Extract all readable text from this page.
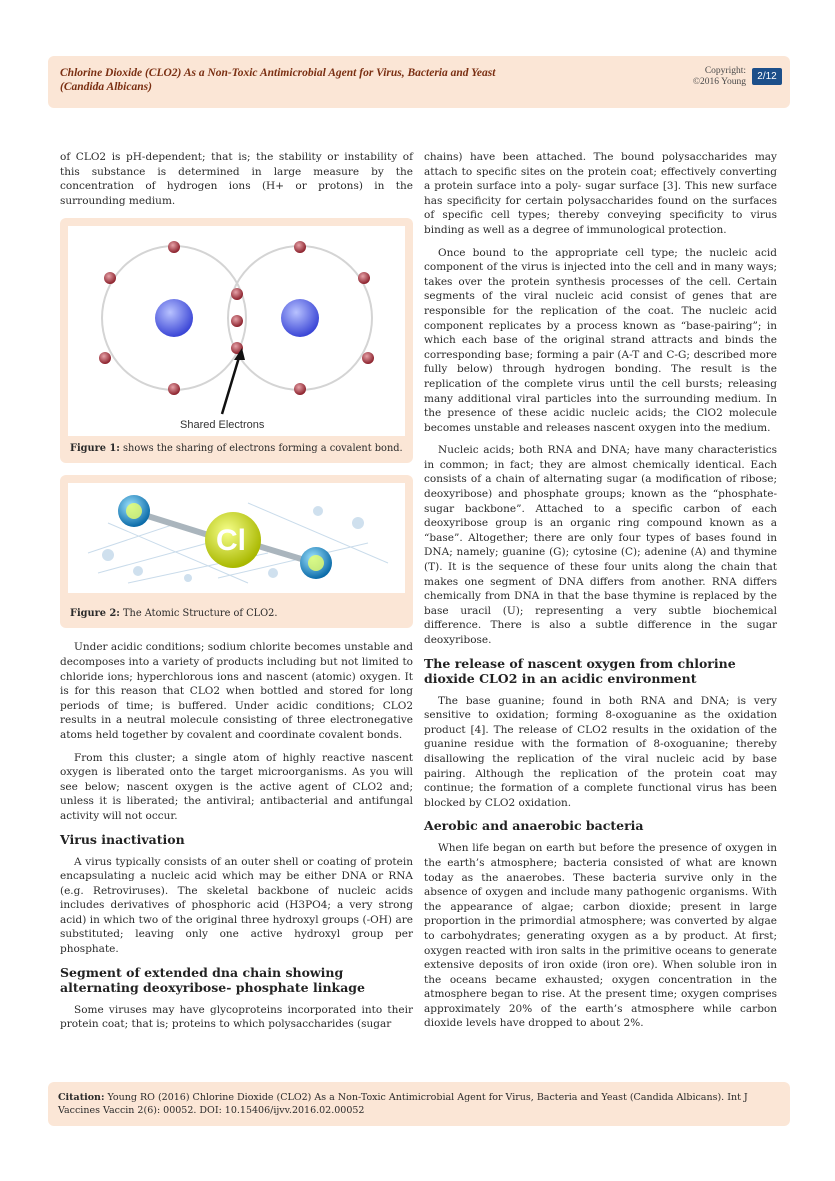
Chlorine Dioxide (CLO2) As a Non-Toxic Antimicrobial Agent for Virus, Bacteria and Yeast (Candida Albicans)
Copyright:
©2016 Young	2/12

of CLO2 is pH-dependent; that is; the stability or instability of this substance is determined in large measure by the concentration of hydrogen ions (H+ or protons) in the surrounding medium.

Shared Electrons
Figure 1: shows the sharing of electrons forming a covalent bond.
Cl
Figure 2: The Atomic Structure of CLO2.

Under acidic conditions; sodium chlorite becomes unstable and decomposes into a variety of products including but not limited to chloride ions; hyperchlorous ions and nascent (atomic) oxygen. It is for this reason that CLO2 when bottled and stored for long periods of time; is buffered. Under acidic conditions; CLO2 results in a neutral molecule consisting of three electronegative atoms held together by covalent and coordinate covalent bonds.

From this cluster; a single atom of highly reactive nascent oxygen is liberated onto the target microorganisms. As you will see below; nascent oxygen is the active agent of CLO2 and; unless it is liberated; the antiviral; antibacterial and antifungal activity will not occur.

Virus inactivation

A virus typically consists of an outer shell or coating of protein encapsulating a nucleic acid which may be either DNA or RNA (e.g. Retroviruses). The skeletal backbone of nucleic acids includes derivatives of phosphoric acid (H3PO4; a very strong acid) in which two of the original three hydroxyl groups (-OH) are substituted; leaving only one active hydroxyl group per phosphate.

Segment of extended dna chain showing alternating deoxyribose- phosphate linkage

Some viruses may have glycoproteins incorporated into their protein coat; that is; proteins to which polysaccharides (sugar

chains) have been attached. The bound polysaccharides may attach to specific sites on the protein coat; effectively converting a protein surface into a poly- sugar surface [3]. This new surface has specificity for certain polysaccharides found on the surfaces of specific cell types; thereby conveying specificity to virus binding as well as a degree of immunological protection.

Once bound to the appropriate cell type; the nucleic acid component of the virus is injected into the cell and in many ways; takes over the protein synthesis processes of the cell. Certain segments of the viral nucleic acid consist of genes that are responsible for the replication of the coat. The nucleic acid component replicates by a process known as “base-pairing”; in which each base of the original strand attracts and binds the corresponding base; forming a pair (A-T and C-G; described more fully below) through hydrogen bonding. The result is the replication of the complete virus until the cell bursts; releasing many additional viral particles into the surrounding medium. In the presence of these acidic nucleic acids; the ClO2 molecule becomes unstable and releases nascent oxygen into the medium.

Nucleic acids; both RNA and DNA; have many characteristics in common; in fact; they are almost chemically identical. Each consists of a chain of alternating sugar (a modification of ribose; deoxyribose) and phosphate groups; known as the “phosphate-sugar backbone”. Attached to a specific carbon of each deoxyribose group is an organic ring compound known as a “base”. Altogether; there are only four types of bases found in DNA; namely; guanine (G); cytosine (C); adenine (A) and thymine (T). It is the sequence of these four units along the chain that makes one segment of DNA differs from another. RNA differs chemically from DNA in that the base thymine is replaced by the base uracil (U); representing a very subtle biochemical difference. There is also a subtle difference in the sugar deoxyribose.

The release of nascent oxygen from chlorine dioxide CLO2 in an acidic environment

The base guanine; found in both RNA and DNA; is very sensitive to oxidation; forming 8-oxoguanine as the oxidation product [4]. The release of CLO2 results in the oxidation of the guanine residue with the formation of 8-oxoguanine; thereby disallowing the replication of the viral nucleic acid by base pairing. Although the replication of the protein coat may continue; the formation of a complete functional virus has been blocked by CLO2 oxidation.

Aerobic and anaerobic bacteria

When life began on earth but before the presence of oxygen in the earth’s atmosphere; bacteria consisted of what are known today as the anaerobes. These bacteria survive only in the absence of oxygen and include many pathogenic organisms. With the appearance of algae; carbon dioxide; present in large proportion in the primordial atmosphere; was converted by algae to carbohydrates; generating oxygen as a by product. At first; oxygen reacted with iron salts in the primitive oceans to generate extensive deposits of iron oxide (iron ore). When soluble iron in the oceans became exhausted; oxygen concentration in the atmosphere began to rise. At the present time; oxygen comprises approximately 20% of the earth’s atmosphere while carbon dioxide levels have dropped to about 2%.

Citation: Young RO (2016) Chlorine Dioxide (CLO2) As a Non-Toxic Antimicrobial Agent for Virus, Bacteria and Yeast (Candida Albicans). Int J Vaccines Vaccin 2(6): 00052. DOI: 10.15406/ijvv.2016.02.00052
